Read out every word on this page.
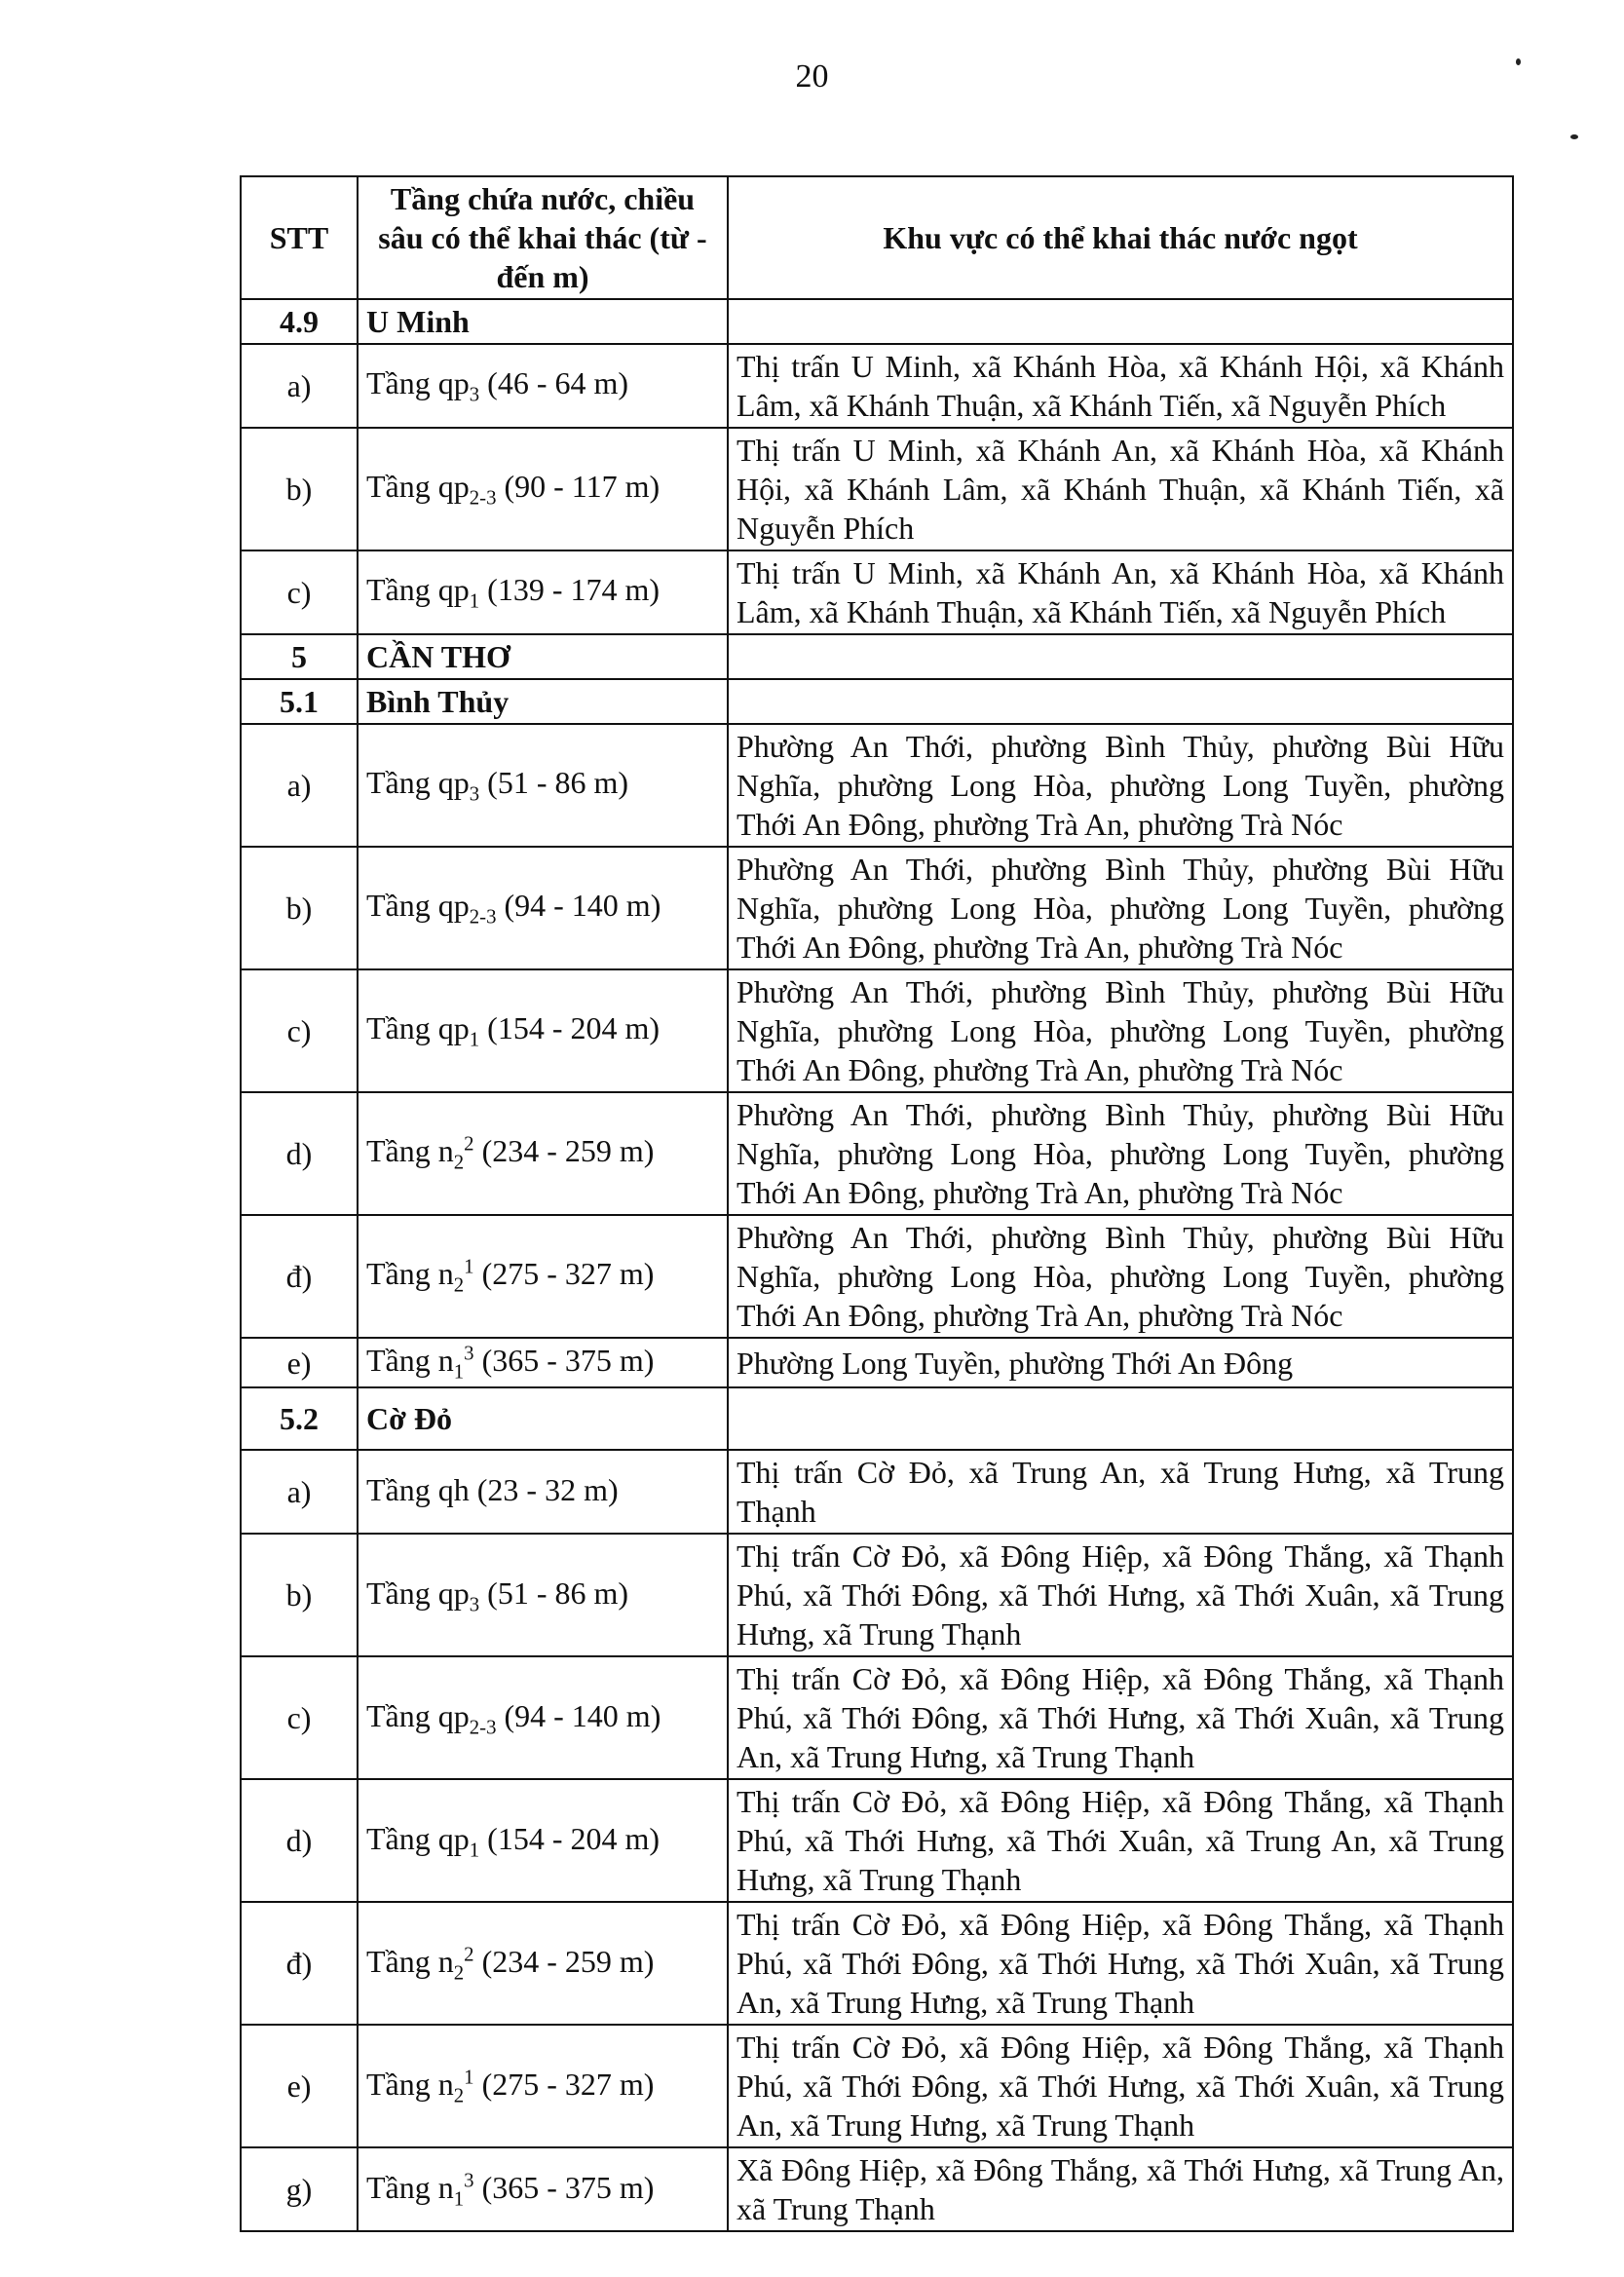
20
STT	Tầng chứa nước, chiều sâu có thể khai thác (từ - đến m)	Khu vực có thể khai thác nước ngọt
4.9	U Minh	
a)	Tầng $qp_3$ (46 - 64 m)	Thị trấn U Minh, xã Khánh Hòa, xã Khánh Hội, xã Khánh Lâm, xã Khánh Thuận, xã Khánh Tiến, xã Nguyễn Phích
b)	Tầng $qp_{2-3}$ (90 - 117 m)	Thị trấn U Minh, xã Khánh An, xã Khánh Hòa, xã Khánh Hội, xã Khánh Lâm, xã Khánh Thuận, xã Khánh Tiến, xã Nguyễn Phích
c)	Tầng $qp_1$ (139 - 174 m)	Thị trấn U Minh, xã Khánh An, xã Khánh Hòa, xã Khánh Lâm, xã Khánh Thuận, xã Khánh Tiến, xã Nguyễn Phích
5	CẦN THƠ	
5.1	Bình Thủy	
a)	Tầng $qp_3$ (51 - 86 m)	Phường An Thới, phường Bình Thủy, phường Bùi Hữu Nghĩa, phường Long Hòa, phường Long Tuyền, phường Thới An Đông, phường Trà An, phường Trà Nóc
b)	Tầng $qp_{2-3}$ (94 - 140 m)	Phường An Thới, phường Bình Thủy, phường Bùi Hữu Nghĩa, phường Long Hòa, phường Long Tuyền, phường Thới An Đông, phường Trà An, phường Trà Nóc
c)	Tầng $qp_1$ (154 - 204 m)	Phường An Thới, phường Bình Thủy, phường Bùi Hữu Nghĩa, phường Long Hòa, phường Long Tuyền, phường Thới An Đông, phường Trà An, phường Trà Nóc
d)	Tầng $n_2^2$ (234 - 259 m)	Phường An Thới, phường Bình Thủy, phường Bùi Hữu Nghĩa, phường Long Hòa, phường Long Tuyền, phường Thới An Đông, phường Trà An, phường Trà Nóc
đ)	Tầng $n_2^1$ (275 - 327 m)	Phường An Thới, phường Bình Thủy, phường Bùi Hữu Nghĩa, phường Long Hòa, phường Long Tuyền, phường Thới An Đông, phường Trà An, phường Trà Nóc
e)	Tầng $n_1^3$ (365 - 375 m)	Phường Long Tuyền, phường Thới An Đông
5.2	Cờ Đỏ	
a)	Tầng qh (23 - 32 m)	Thị trấn Cờ Đỏ, xã Trung An, xã Trung Hưng, xã Trung Thạnh
b)	Tầng $qp_3$ (51 - 86 m)	Thị trấn Cờ Đỏ, xã Đông Hiệp, xã Đông Thắng, xã Thạnh Phú, xã Thới Đông, xã Thới Hưng, xã Thới Xuân, xã Trung Hưng, xã Trung Thạnh
c)	Tầng $qp_{2-3}$ (94 - 140 m)	Thị trấn Cờ Đỏ, xã Đông Hiệp, xã Đông Thắng, xã Thạnh Phú, xã Thới Đông, xã Thới Hưng, xã Thới Xuân, xã Trung An, xã Trung Hưng, xã Trung Thạnh
d)	Tầng $qp_1$ (154 - 204 m)	Thị trấn Cờ Đỏ, xã Đông Hiệp, xã Đông Thắng, xã Thạnh Phú, xã Thới Hưng, xã Thới Xuân, xã Trung An, xã Trung Hưng, xã Trung Thạnh
đ)	Tầng $n_2^2$ (234 - 259 m)	Thị trấn Cờ Đỏ, xã Đông Hiệp, xã Đông Thắng, xã Thạnh Phú, xã Thới Đông, xã Thới Hưng, xã Thới Xuân, xã Trung An, xã Trung Hưng, xã Trung Thạnh
e)	Tầng $n_2^1$ (275 - 327 m)	Thị trấn Cờ Đỏ, xã Đông Hiệp, xã Đông Thắng, xã Thạnh Phú, xã Thới Đông, xã Thới Hưng, xã Thới Xuân, xã Trung An, xã Trung Hưng, xã Trung Thạnh
g)	Tầng $n_1^3$ (365 - 375 m)	Xã Đông Hiệp, xã Đông Thắng, xã Thới Hưng, xã Trung An, xã Trung Thạnh
